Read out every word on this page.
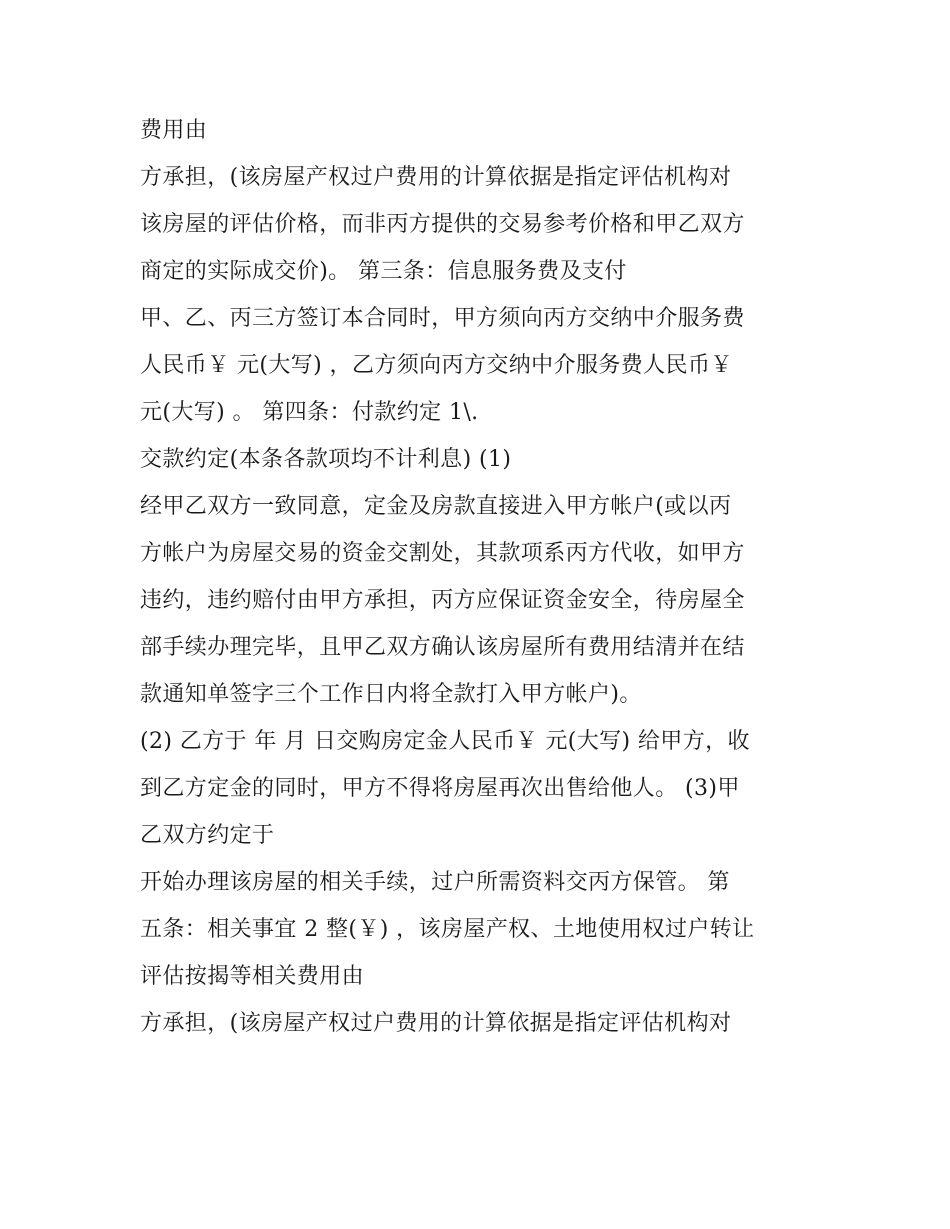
费用由
方承担，(该房屋产权过户费用的计算依据是指定评估机构对
该房屋的评估价格，而非丙方提供的交易参考价格和甲乙双方
商定的实际成交价)。 第三条：信息服务费及支付
甲、乙、丙三方签订本合同时，甲方须向丙方交纳中介服务费
人民币￥ 元(大写) ，乙方须向丙方交纳中介服务费人民币￥
元(大写) 。 第四条：付款约定 1\.
交款约定(本条各款项均不计利息) (1)
经甲乙双方一致同意，定金及房款直接进入甲方帐户(或以丙
方帐户为房屋交易的资金交割处，其款项系丙方代收，如甲方
违约，违约赔付由甲方承担，丙方应保证资金安全，待房屋全
部手续办理完毕，且甲乙双方确认该房屋所有费用结清并在结
款通知单签字三个工作日内将全款打入甲方帐户)。
(2) 乙方于 年 月 日交购房定金人民币￥ 元(大写) 给甲方，收
到乙方定金的同时，甲方不得将房屋再次出售给他人。 (3)甲
乙双方约定于
开始办理该房屋的相关手续，过户所需资料交丙方保管。 第
五条：相关事宜 2 整(￥) ，该房屋产权、土地使用权过户转让
评估按揭等相关费用由
方承担，(该房屋产权过户费用的计算依据是指定评估机构对
